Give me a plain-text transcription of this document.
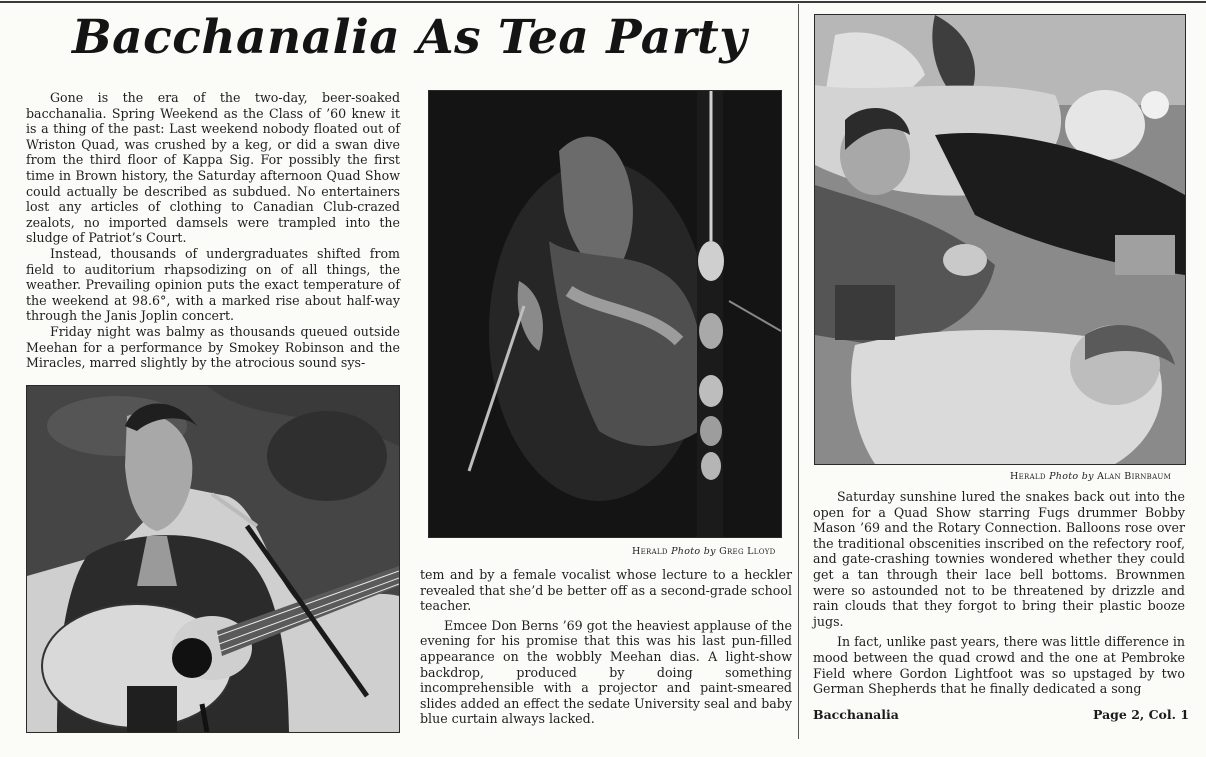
Bacchanalia As Tea Party

Gone is the era of the two-day, beer-soaked bacchanalia. Spring Weekend as the Class of ’60 knew it is a thing of the past: Last weekend nobody floated out of Wriston Quad, was crushed by a keg, or did a swan dive from the third floor of Kappa Sig. For possibly the first time in Brown history, the Saturday afternoon Quad Show could actually be described as subdued. No entertainers lost any articles of clothing to Canadian Club-crazed zealots, no imported damsels were trampled into the sludge of Patriot’s Court.

Instead, thousands of undergraduates shifted from field to auditorium rhapsodizing on of all things, the weather. Prevailing opinion puts the exact temperature of the weekend at 98.6°, with a marked rise about half-way through the Janis Joplin concert.

Friday night was balmy as thousands queued outside Meehan for a performance by Smokey Robinson and the Miracles, marred slightly by the atrocious sound sys-

Herald Photo by Greg Lloyd

tem and by a female vocalist whose lecture to a heckler revealed that she’d be better off as a second-grade school teacher.

Emcee Don Berns ’69 got the heaviest applause of the evening for his promise that this was his last pun-filled appearance on the wobbly Meehan dias. A light-show backdrop, produced by doing something incomprehensible with a projector and paint-smeared slides added an effect the sedate University seal and baby blue curtain always lacked.

Herald Photo by Alan Birnbaum

Saturday sunshine lured the snakes back out into the open for a Quad Show starring Fugs drummer Bobby Mason ’69 and the Rotary Connection. Balloons rose over the traditional obscenities inscribed on the refectory roof, and gate-crashing townies wondered whether they could get a tan through their lace bell bottoms. Brownmen were so astounded not to be threatened by drizzle and rain clouds that they forgot to bring their plastic booze jugs.

In fact, unlike past years, there was little difference in mood between the quad crowd and the one at Pembroke Field where Gordon Lightfoot was so upstaged by two German Shepherds that he finally dedicated a song

Bacchanalia	Page 2, Col. 1
